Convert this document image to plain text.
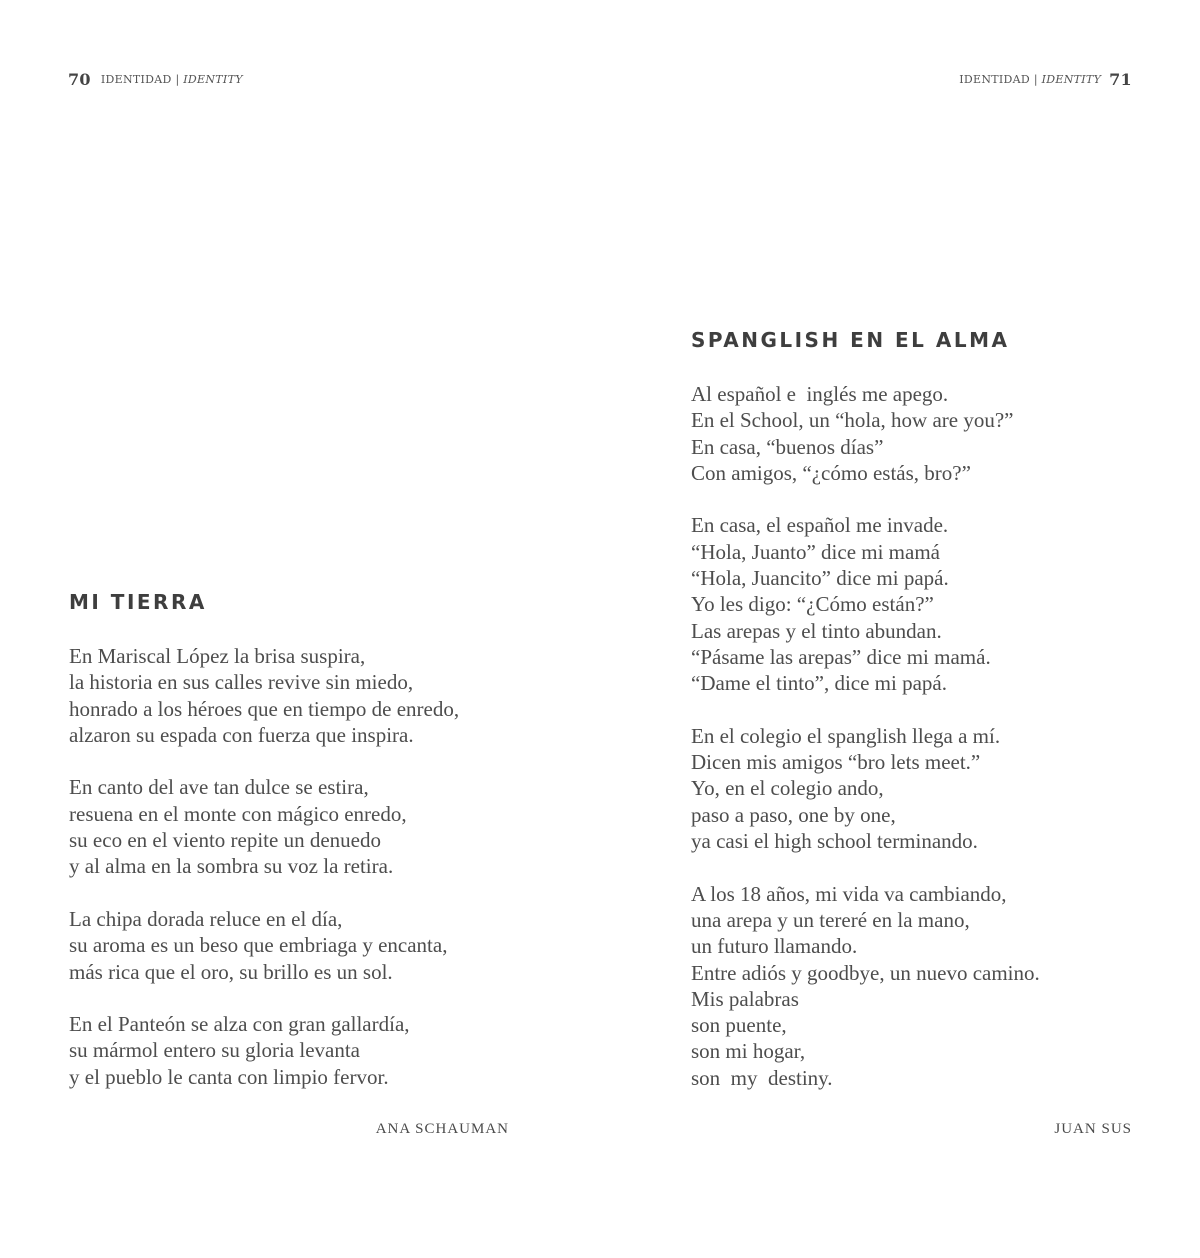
70 IDENTIDAD | IDENTITY
MI TIERRA
En Mariscal López la brisa suspira,
la historia en sus calles revive sin miedo,
honrado a los héroes que en tiempo de enredo,
alzaron su espada con fuerza que inspira.
En canto del ave tan dulce se estira,
resuena en el monte con mágico enredo,
su eco en el viento repite un denuedo
y al alma en la sombra su voz la retira.
La chipa dorada reluce en el día,
su aroma es un beso que embriaga y encanta,
más rica que el oro, su brillo es un sol.
En el Panteón se alza con gran gallardía,
su mármol entero su gloria levanta
y el pueblo le canta con limpio fervor.
ANA SCHAUMAN
IDENTIDAD | IDENTITY 71
SPANGLISH EN EL ALMA
Al español e  inglés me apego.
En el School, un “hola, how are you?”
En casa, “buenos días”
Con amigos, “¿cómo estás, bro?”
En casa, el español me invade.
“Hola, Juanto” dice mi mamá
“Hola, Juancito” dice mi papá.
Yo les digo: “¿Cómo están?”
Las arepas y el tinto abundan.
“Pásame las arepas” dice mi mamá.
“Dame el tinto”, dice mi papá.
En el colegio el spanglish llega a mí.
Dicen mis amigos “bro lets meet.”
Yo, en el colegio ando,
paso a paso, one by one,
ya casi el high school terminando.
A los 18 años, mi vida va cambiando,
una arepa y un tereré en la mano,
un futuro llamando.
Entre adiós y goodbye, un nuevo camino.
Mis palabras
son puente,
son mi hogar,
son  my  destiny.
JUAN SUS
